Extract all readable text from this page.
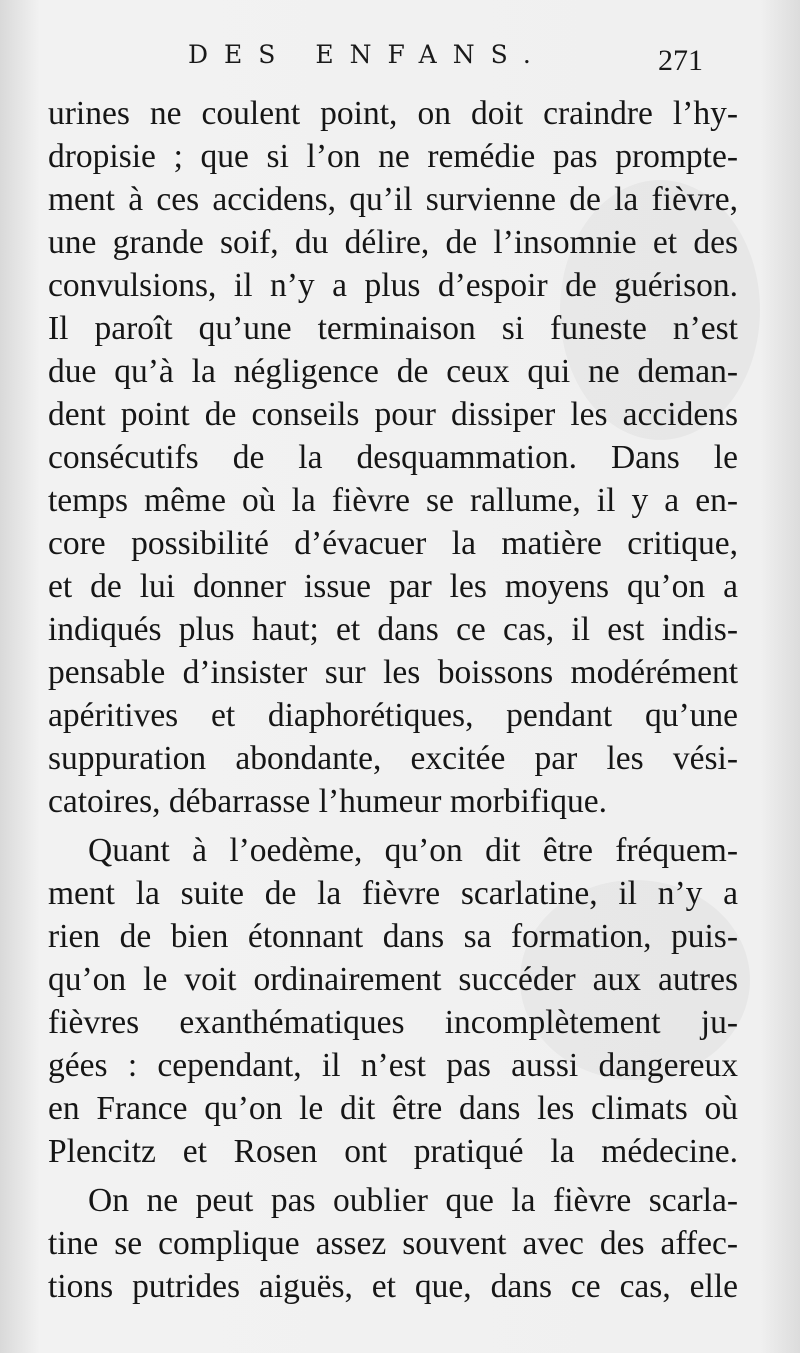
DES ENFANS.	271
urines ne coulent point, on doit craindre l’hy-
dropisie ; que si l’on ne remédie pas prompte-
ment à ces accidens, qu’il survienne de la fièvre,
une grande soif, du délire, de l’insomnie et des
convulsions, il n’y a plus d’espoir de guérison.
Il paroît qu’une terminaison si funeste n’est
due qu’à la négligence de ceux qui ne deman-
dent point de conseils pour dissiper les accidens
consécutifs de la desquammation. Dans le
temps même où la fièvre se rallume, il y a en-
core possibilité d’évacuer la matière critique,
et de lui donner issue par les moyens qu’on a
indiqués plus haut; et dans ce cas, il est indis-
pensable d’insister sur les boissons modérément
apéritives et diaphorétiques, pendant qu’une
suppuration abondante, excitée par les vési-
catoires, débarrasse l’humeur morbifique.
Quant à l’oedème, qu’on dit être fréquem-
ment la suite de la fièvre scarlatine, il n’y a
rien de bien étonnant dans sa formation, puis-
qu’on le voit ordinairement succéder aux autres
fièvres exanthématiques incomplètement ju-
gées : cependant, il n’est pas aussi dangereux
en France qu’on le dit être dans les climats où
Plencitz et Rosen ont pratiqué la médecine.
On ne peut pas oublier que la fièvre scarla-
tine se complique assez souvent avec des affec-
tions putrides aiguës, et que, dans ce cas, elle
